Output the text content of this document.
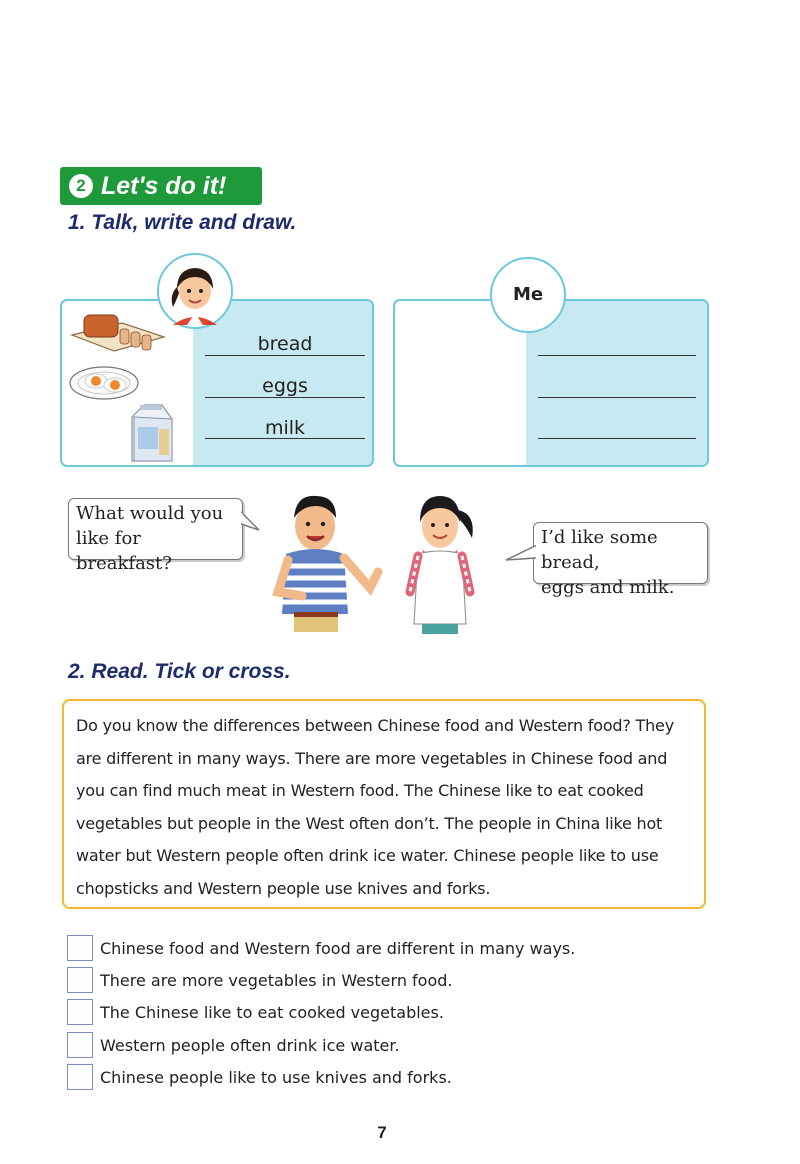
2 Let's do it!
1. Talk, write and draw.
bread
eggs
milk
Me
What would you
like for breakfast?
I’d like some bread,
eggs and milk.
2. Read. Tick or cross.
Do you know the differences between Chinese food and Western food? They are different in many ways. There are more vegetables in Chinese food and you can find much meat in Western food. The Chinese like to eat cooked vegetables but people in the West often don’t. The people in China like hot water but Western people often drink ice water. Chinese people like to use chopsticks and Western people use knives and forks.
Chinese food and Western food are different in many ways.
There are more vegetables in Western food.
The Chinese like to eat cooked vegetables.
Western people often drink ice water.
Chinese people like to use knives and forks.
7
